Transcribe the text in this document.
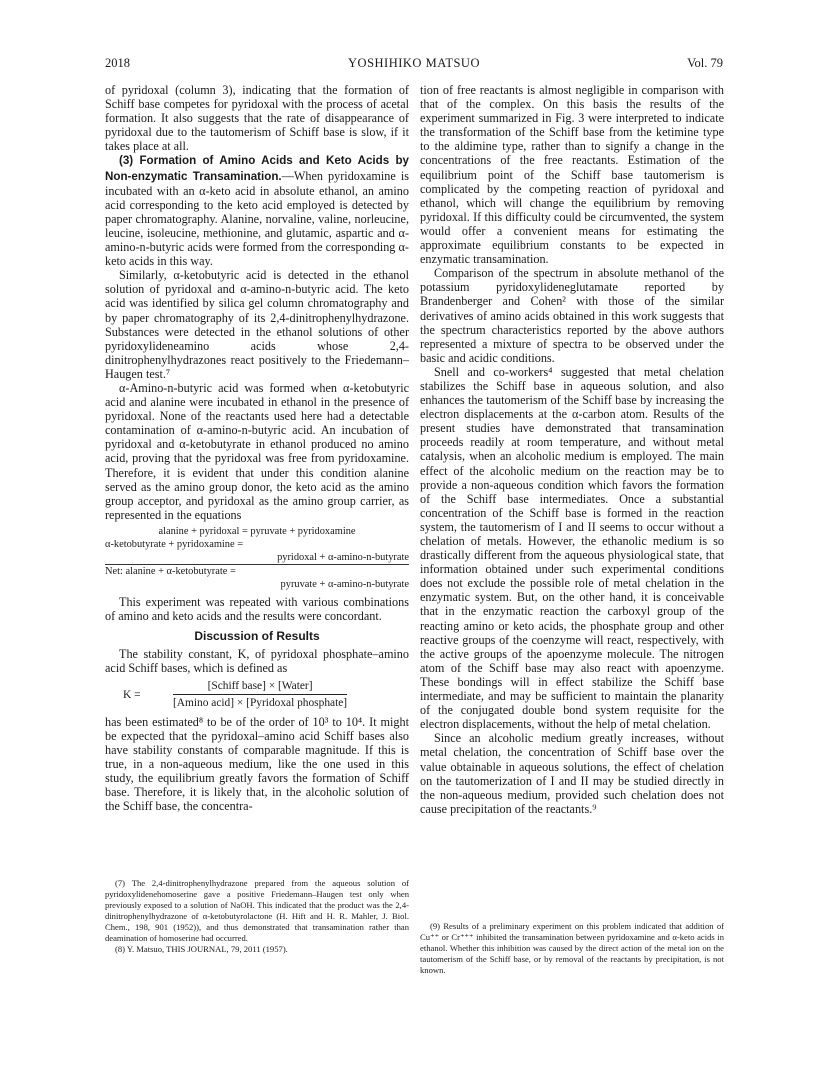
2018	YOSHIHIKO MATSUO	Vol. 79

of pyridoxal (column 3), indicating that the formation of Schiff base competes for pyridoxal with the process of acetal formation. It also suggests that the rate of disappearance of pyridoxal due to the tautomerism of Schiff base is slow, if it takes place at all.

(3) Formation of Amino Acids and Keto Acids by Non-enzymatic Transamination.—When pyridoxamine is incubated with an α-keto acid in absolute ethanol, an amino acid corresponding to the keto acid employed is detected by paper chromatography. Alanine, norvaline, valine, norleucine, leucine, isoleucine, methionine, and glutamic, aspartic and α-amino-n-butyric acids were formed from the corresponding α-keto acids in this way.

Similarly, α-ketobutyric acid is detected in the ethanol solution of pyridoxal and α-amino-n-butyric acid. The keto acid was identified by silica gel column chromatography and by paper chromatography of its 2,4-dinitrophenylhydrazone. Substances were detected in the ethanol solutions of other pyridoxylideneamino acids whose 2,4-dinitrophenylhydrazones react positively to the Friedemann–Haugen test.⁷

α-Amino-n-butyric acid was formed when α-ketobutyric acid and alanine were incubated in ethanol in the presence of pyridoxal. None of the reactants used here had a detectable contamination of α-amino-n-butyric acid. An incubation of pyridoxal and α-ketobutyrate in ethanol produced no amino acid, proving that the pyridoxal was free from pyridoxamine. Therefore, it is evident that under this condition alanine served as the amino group donor, the keto acid as the amino group acceptor, and pyridoxal as the amino group carrier, as represented in the equations

alanine + pyridoxal = pyruvate + pyridoxamine
α-ketobutyrate + pyridoxamine =
pyridoxal + α-amino-n-butyrate
Net: alanine + α-ketobutyrate =
pyruvate + α-amino-n-butyrate

This experiment was repeated with various combinations of amino and keto acids and the results were concordant.

Discussion of Results

The stability constant, K, of pyridoxal phosphate–amino acid Schiff bases, which is defined as

K =	$\frac{\text{[Schiff base] × [Water]}}{\text{[Amino acid] × [Pyridoxal phosphate]}}$

has been estimated⁸ to be of the order of 10³ to 10⁴. It might be expected that the pyridoxal–amino acid Schiff bases also have stability constants of comparable magnitude. If this is true, in a non-aqueous medium, like the one used in this study, the equilibrium greatly favors the formation of Schiff base. Therefore, it is likely that, in the alcoholic solution of the Schiff base, the concentra-

tion of free reactants is almost negligible in comparison with that of the complex. On this basis the results of the experiment summarized in Fig. 3 were interpreted to indicate the transformation of the Schiff base from the ketimine type to the aldimine type, rather than to signify a change in the concentrations of the free reactants. Estimation of the equilibrium point of the Schiff base tautomerism is complicated by the competing reaction of pyridoxal and ethanol, which will change the equilibrium by removing pyridoxal. If this difficulty could be circumvented, the system would offer a convenient means for estimating the approximate equilibrium constants to be expected in enzymatic transamination.

Comparison of the spectrum in absolute methanol of the potassium pyridoxylideneglutamate reported by Brandenberger and Cohen² with those of the similar derivatives of amino acids obtained in this work suggests that the spectrum characteristics reported by the above authors represented a mixture of spectra to be observed under the basic and acidic conditions.

Snell and co-workers⁴ suggested that metal chelation stabilizes the Schiff base in aqueous solution, and also enhances the tautomerism of the Schiff base by increasing the electron displacements at the α-carbon atom. Results of the present studies have demonstrated that transamination proceeds readily at room temperature, and without metal catalysis, when an alcoholic medium is employed. The main effect of the alcoholic medium on the reaction may be to provide a non-aqueous condition which favors the formation of the Schiff base intermediates. Once a substantial concentration of the Schiff base is formed in the reaction system, the tautomerism of I and II seems to occur without a chelation of metals. However, the ethanolic medium is so drastically different from the aqueous physiological state, that information obtained under such experimental conditions does not exclude the possible role of metal chelation in the enzymatic system. But, on the other hand, it is conceivable that in the enzymatic reaction the carboxyl group of the reacting amino or keto acids, the phosphate group and other reactive groups of the coenzyme will react, respectively, with the active groups of the apoenzyme molecule. The nitrogen atom of the Schiff base may also react with apoenzyme. These bondings will in effect stabilize the Schiff base intermediate, and may be sufficient to maintain the planarity of the conjugated double bond system requisite for the electron displacements, without the help of metal chelation.

Since an alcoholic medium greatly increases, without metal chelation, the concentration of Schiff base over the value obtainable in aqueous solutions, the effect of chelation on the tautomerization of I and II may be studied directly in the non-aqueous medium, provided such chelation does not cause precipitation of the reactants.⁹

(7) The 2,4-dinitrophenylhydrazone prepared from the aqueous solution of pyridoxylidenehomoserine gave a positive Friedemann–Haugen test only when previously exposed to a solution of NaOH. This indicated that the product was the 2,4-dinitrophenylhydrazone of α-ketobutyrolactone (H. Hift and H. R. Mahler, J. Biol. Chem., 198, 901 (1952)), and thus demonstrated that transamination rather than deamination of homoserine had occurred.

(8) Y. Matsuo, THIS JOURNAL, 79, 2011 (1957).

(9) Results of a preliminary experiment on this problem indicated that addition of Cu⁺⁺ or Cr⁺⁺⁺ inhibited the transamination between pyridoxamine and α-keto acids in ethanol. Whether this inhibition was caused by the direct action of the metal ion on the tautomerism of the Schiff base, or by removal of the reactants by precipitation, is not known.
